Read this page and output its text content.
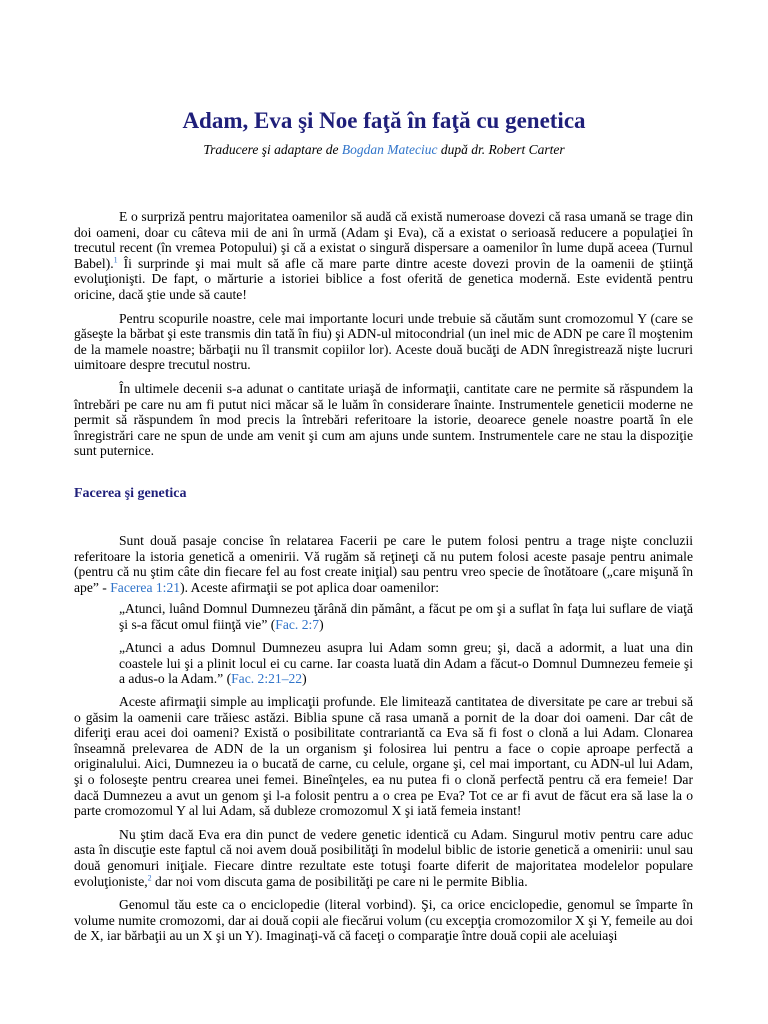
Adam, Eva şi Noe faţă în faţă cu genetica

Traducere şi adaptare de Bogdan Mateciuc după dr. Robert Carter

E o surpriză pentru majoritatea oamenilor să audă că există numeroase dovezi că rasa umană se trage din doi oameni, doar cu câteva mii de ani în urmă (Adam şi Eva), că a existat o serioasă reducere a populaţiei în trecutul recent (în vremea Potopului) şi că a existat o singură dispersare a oamenilor în lume după aceea (Turnul Babel).$^1$ Îi surprinde şi mai mult să afle că mare parte dintre aceste dovezi provin de la oamenii de ştiinţă evoluţionişti. De fapt, o mărturie a istoriei biblice a fost oferită de genetica modernă. Este evidentă pentru oricine, dacă ştie unde să caute!

Pentru scopurile noastre, cele mai importante locuri unde trebuie să căutăm sunt cromozomul Y (care se găseşte la bărbat şi este transmis din tată în fiu) şi ADN-ul mitocondrial (un inel mic de ADN pe care îl moştenim de la mamele noastre; bărbaţii nu îl transmit copiilor lor). Aceste două bucăţi de ADN înregistrează nişte lucruri uimitoare despre trecutul nostru.

În ultimele decenii s-a adunat o cantitate uriaşă de informaţii, cantitate care ne permite să răspundem la întrebări pe care nu am fi putut nici măcar să le luăm în considerare înainte. Instrumentele geneticii moderne ne permit să răspundem în mod precis la întrebări referitoare la istorie, deoarece genele noastre poartă în ele înregistrări care ne spun de unde am venit şi cum am ajuns unde suntem. Instrumentele care ne stau la dispoziţie sunt puternice.

Facerea şi genetica

Sunt două pasaje concise în relatarea Facerii pe care le putem folosi pentru a trage nişte concluzii referitoare la istoria genetică a omenirii. Vă rugăm să reţineţi că nu putem folosi aceste pasaje pentru animale (pentru că nu ştim câte din fiecare fel au fost create iniţial) sau pentru vreo specie de înotătoare („care mişună în ape” - Facerea 1:21). Aceste afirmaţii se pot aplica doar oamenilor:

„Atunci, luând Domnul Dumnezeu ţărână din pământ, a făcut pe om şi a suflat în faţa lui suflare de viaţă şi s-a făcut omul fiinţă vie” (Fac. 2:7)

„Atunci a adus Domnul Dumnezeu asupra lui Adam somn greu; şi, dacă a adormit, a luat una din coastele lui şi a plinit locul ei cu carne. Iar coasta luată din Adam a făcut-o Domnul Dumnezeu femeie şi a adus-o la Adam.” (Fac. 2:21–22)

Aceste afirmaţii simple au implicaţii profunde. Ele limitează cantitatea de diversitate pe care ar trebui să o găsim la oamenii care trăiesc astăzi. Biblia spune că rasa umană a pornit de la doar doi oameni. Dar cât de diferiţi erau acei doi oameni? Există o posibilitate contrariantă ca Eva să fi fost o clonă a lui Adam. Clonarea înseamnă prelevarea de ADN de la un organism şi folosirea lui pentru a face o copie aproape perfectă a originalului. Aici, Dumnezeu ia o bucată de carne, cu celule, organe şi, cel mai important, cu ADN-ul lui Adam, şi o foloseşte pentru crearea unei femei. Bineînţeles, ea nu putea fi o clonă perfectă pentru că era femeie! Dar dacă Dumnezeu a avut un genom şi l-a folosit pentru a o crea pe Eva? Tot ce ar fi avut de făcut era să lase la o parte cromozomul Y al lui Adam, să dubleze cromozomul X şi iată femeia instant!

Nu ştim dacă Eva era din punct de vedere genetic identică cu Adam. Singurul motiv pentru care aduc asta în discuţie este faptul că noi avem două posibilităţi în modelul biblic de istorie genetică a omenirii: unul sau două genomuri iniţiale. Fiecare dintre rezultate este totuşi foarte diferit de majoritatea modelelor populare evoluţioniste,$^2$ dar noi vom discuta gama de posibilităţi pe care ni le permite Biblia.

Genomul tău este ca o enciclopedie (literal vorbind). Şi, ca orice enciclopedie, genomul se împarte în volume numite cromozomi, dar ai două copii ale fiecărui volum (cu excepţia cromozomilor X şi Y, femeile au doi de X, iar bărbaţii au un X şi un Y). Imaginaţi-vă că faceţi o comparaţie între două copii ale aceluiaşi
